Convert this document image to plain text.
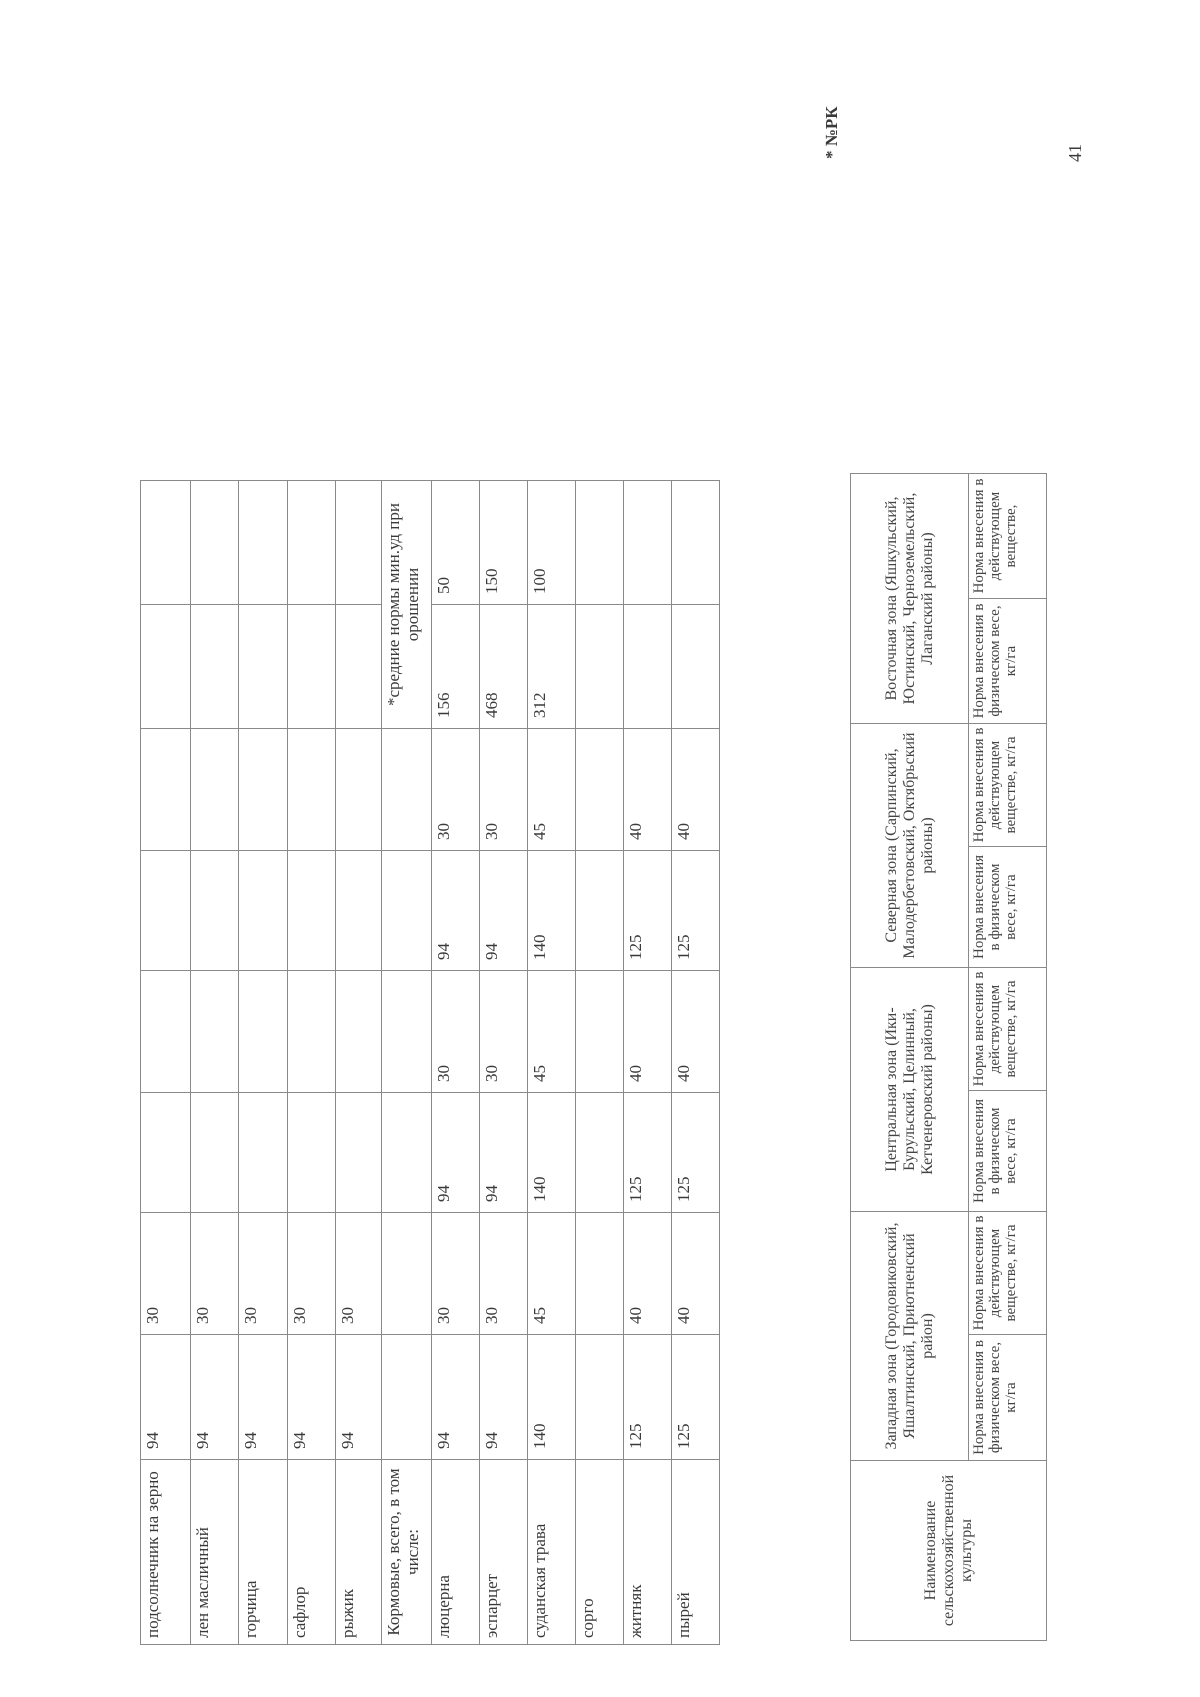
подсолнечник на зерно	94	30						
лен масличный	94	30						
горчица	94	30						
сафлор	94	30						
рыжик	94	30						
Кормовые, всего, в том числе:							*средние нормы мин.уд при орошении	
люцерна	94	30	94	30	94	30	156	50
эспарцет	94	30	94	30	94	30	468	150
суданская трава	140	45	140	45	140	45	312	100
сорго								
житняк	125	40	125	40	125	40		
пырей	125	40	125	40	125	40		
* №РК
Наименование сельскохозяйственной культуры	Западная зона (Городовиковский, Яшалтинский, Приютненский район)		Центральная зона (Ики-Бурульский, Целинный, Кетченеровский районы)		Северная зона (Сарпинский, Малодербетовский, Октябрьский районы)		Восточная зона (Яшкульский, Юстинский, Черноземельский, Лаганский районы)	
	Норма внесения в физическом весе, кг/га	Норма внесения в действующем веществе, кг/га	Норма внесения в физическом весе, кг/га	Норма внесения в действующем веществе, кг/га	Норма внесения в физическом весе, кг/га	Норма внесения в действующем веществе, кг/га	Норма внесения в физическом весе, кг/га	Норма внесения в действующем веществе,
41
